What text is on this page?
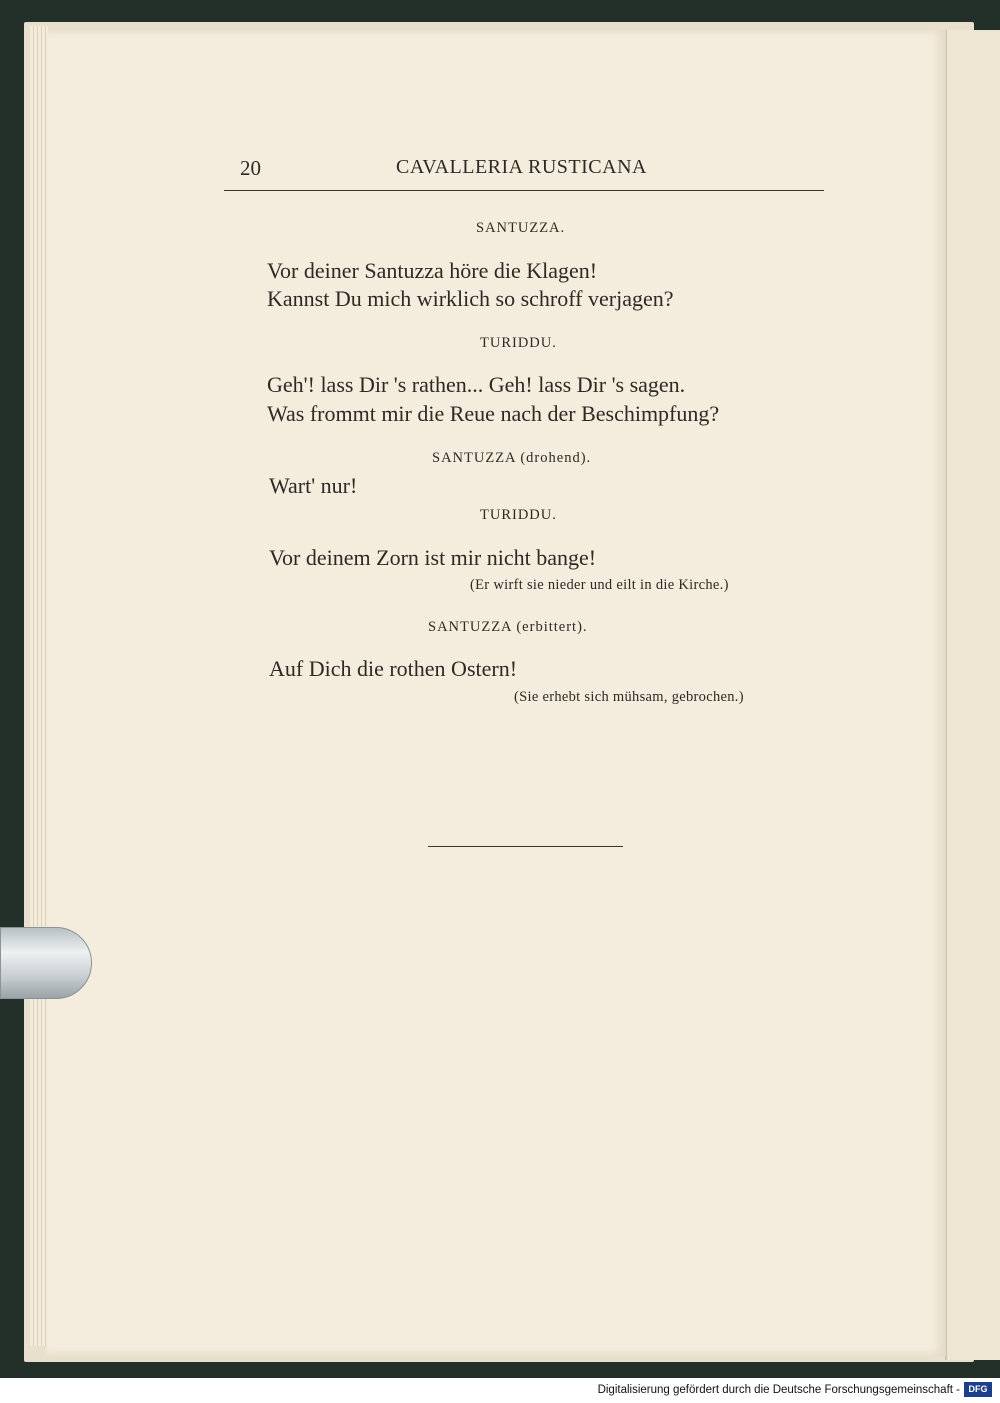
20	CAVALLERIA RUSTICANA
SANTUZZA.
Vor deiner Santuzza höre die Klagen!
Kannst Du mich wirklich so schroff verjagen?
TURIDDU.
Geh'! lass Dir 's rathen... Geh! lass Dir 's sagen.
Was frommt mir die Reue nach der Beschimpfung?
SANTUZZA (drohend).
Wart' nur!
TURIDDU.
Vor deinem Zorn ist mir nicht bange!
(Er wirft sie nieder und eilt in die Kirche.)
SANTUZZA (erbittert).
Auf Dich die rothen Ostern!
(Sie erhebt sich mühsam, gebrochen.)
Digitalisierung gefördert durch die Deutsche Forschungsgemeinschaft - DFG
